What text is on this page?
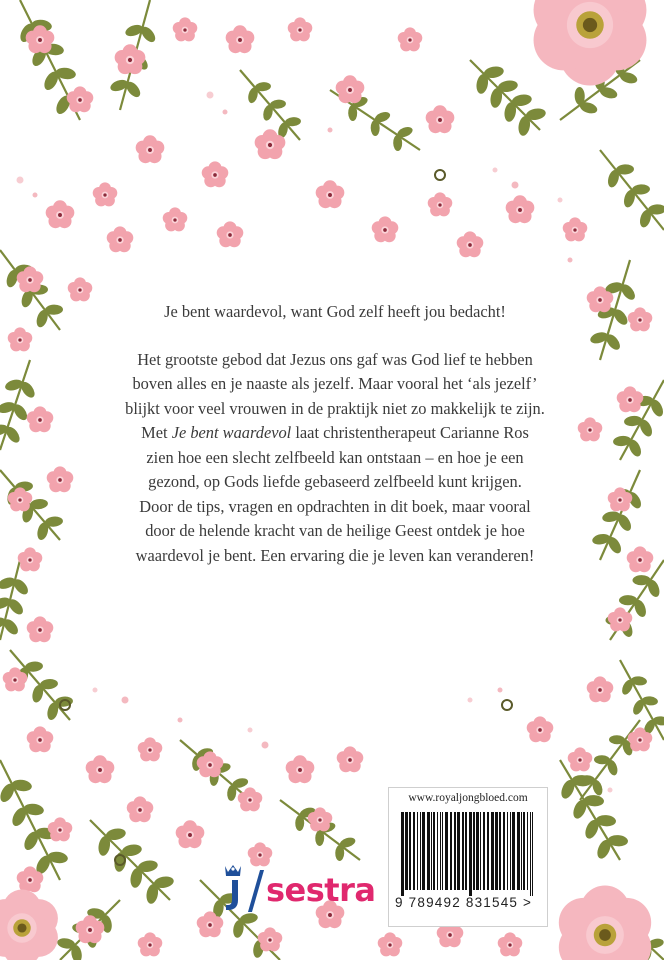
Je bent waardevol, want God zelf heeft jou bedacht!

Het grootste gebod dat Jezus ons gaf was God lief te hebben
boven alles en je naaste als jezelf. Maar vooral het ‘als jezelf’
blijkt voor veel vrouwen in de praktijk niet zo makkelijk te zijn.
Met Je bent waardevol laat christentherapeut Carianne Ros
zien hoe een slecht zelfbeeld kan ontstaan – en hoe je een
gezond, op Gods liefde gebaseerd zelfbeeld kunt krijgen.
Door de tips, vragen en opdrachten in dit boek, maar vooral
door de helende kracht van de heilige Geest ontdek je hoe
waardevol je bent. Een ervaring die je leven kan veranderen!

sestra
www.royaljongbloed.com
9 789492 831545 >
